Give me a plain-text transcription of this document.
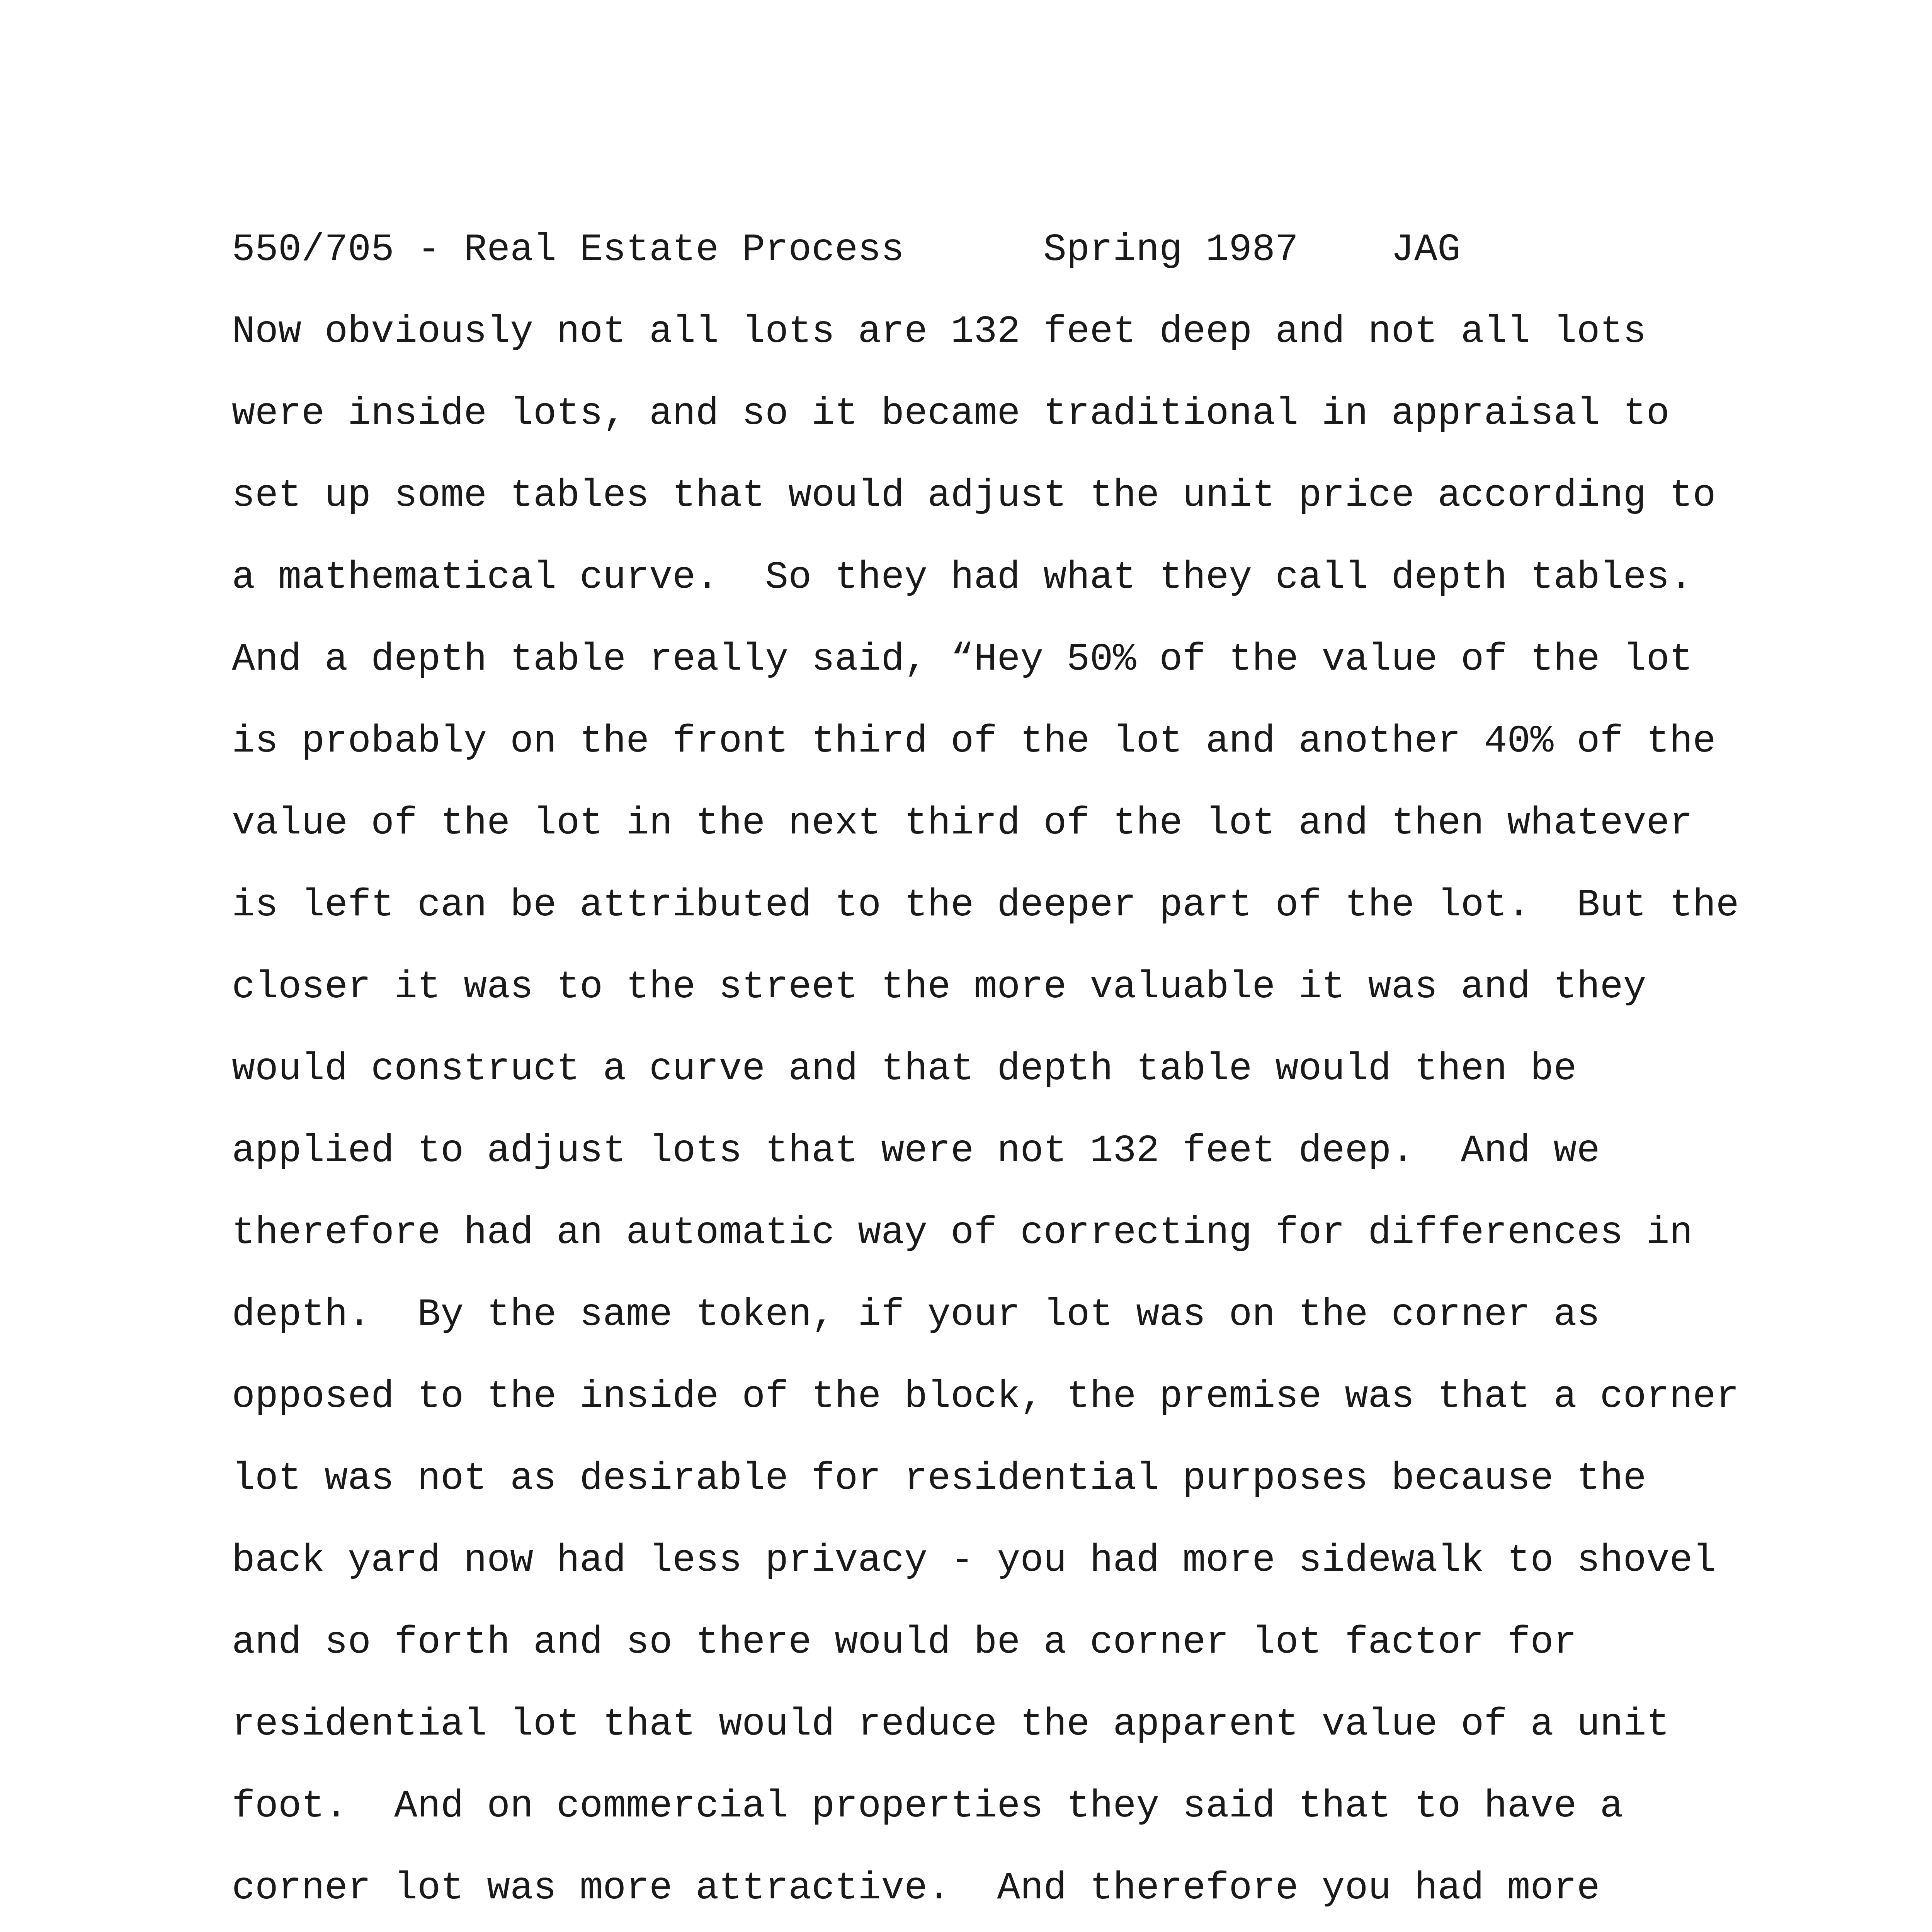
550/705 - Real Estate Process	Spring 1987 JAG
Now obviously not all lots are 132 feet deep and not all lots
were inside lots, and so it became traditional in appraisal to
set up some tables that would adjust the unit price according to
a mathematical curve.  So they had what they call depth tables.
And a depth table really said, “Hey 50% of the value of the lot
is probably on the front third of the lot and another 40% of the
value of the lot in the next third of the lot and then whatever
is left can be attributed to the deeper part of the lot.  But the
closer it was to the street the more valuable it was and they
would construct a curve and that depth table would then be
applied to adjust lots that were not 132 feet deep.  And we
therefore had an automatic way of correcting for differences in
depth.  By the same token, if your lot was on the corner as
opposed to the inside of the block, the premise was that a corner
lot was not as desirable for residential purposes because the
back yard now had less privacy - you had more sidewalk to shovel
and so forth and so there would be a corner lot factor for
residential lot that would reduce the apparent value of a unit
foot.  And on commercial properties they said that to have a
corner lot was more attractive.  And therefore you had more
